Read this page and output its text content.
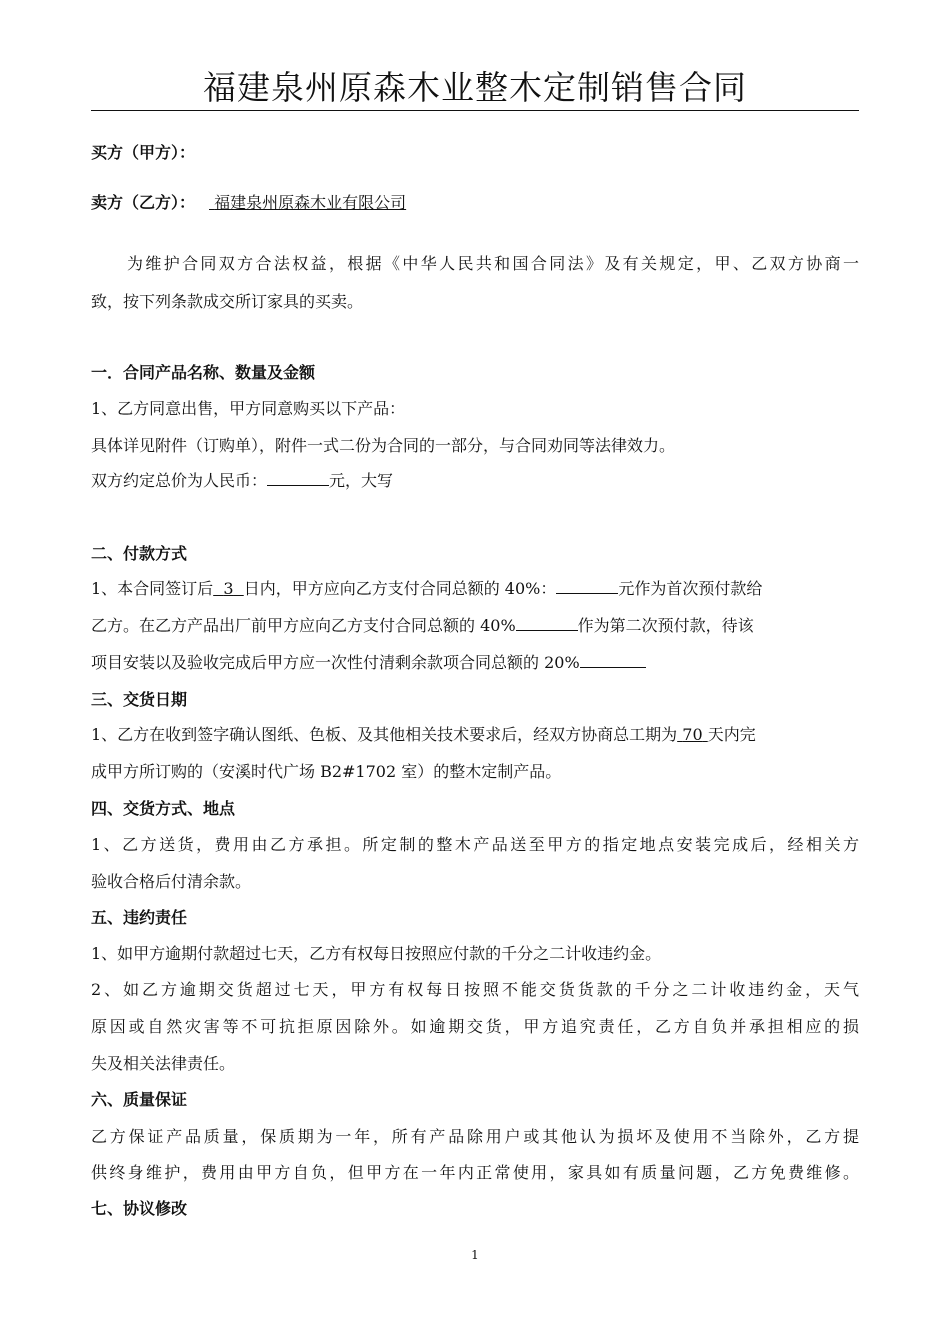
福建泉州原森木业整木定制销售合同
买方（甲方）：
卖方（乙方）： 福建泉州原森木业有限公司
为维护合同双方合法权益，根据《中华人民共和国合同法》及有关规定，甲、乙双方协商一
致，按下列条款成交所订家具的买卖。
一．合同产品名称、数量及金额
1、乙方同意出售，甲方同意购买以下产品：
具体详见附件（订购单），附件一式二份为合同的一部分，与合同劝同等法律效力。
双方约定总价为人民币：	元，大写
二、付款方式
1、本合同签订后 3 日内，甲方应向乙方支付合同总额的 40%：	元作为首次预付款给
乙方。在乙方产品出厂前甲方应向乙方支付合同总额的 40%	作为第二次预付款，待该
项目安装以及验收完成后甲方应一次性付清剩余款项合同总额的 20%
三、交货日期
1、乙方在收到签字确认图纸、色板、及其他相关技术要求后，经双方协商总工期为 70 天内完
成甲方所订购的（安溪时代广场 B2#1702 室）的整木定制产品。
四、交货方式、地点
1、乙方送货，费用由乙方承担。所定制的整木产品送至甲方的指定地点安装完成后，经相关方
验收合格后付清余款。
五、违约责任
1、如甲方逾期付款超过七天，乙方有权每日按照应付款的千分之二计收违约金。
2、如乙方逾期交货超过七天，甲方有权每日按照不能交货货款的千分之二计收违约金，天气
原因或自然灾害等不可抗拒原因除外。如逾期交货，甲方追究责任，乙方自负并承担相应的损
失及相关法律责任。
六、质量保证
乙方保证产品质量，保质期为一年，所有产品除用户或其他认为损坏及使用不当除外，乙方提
供终身维护，费用由甲方自负，但甲方在一年内正常使用，家具如有质量问题，乙方免费维修。
七、协议修改
1
